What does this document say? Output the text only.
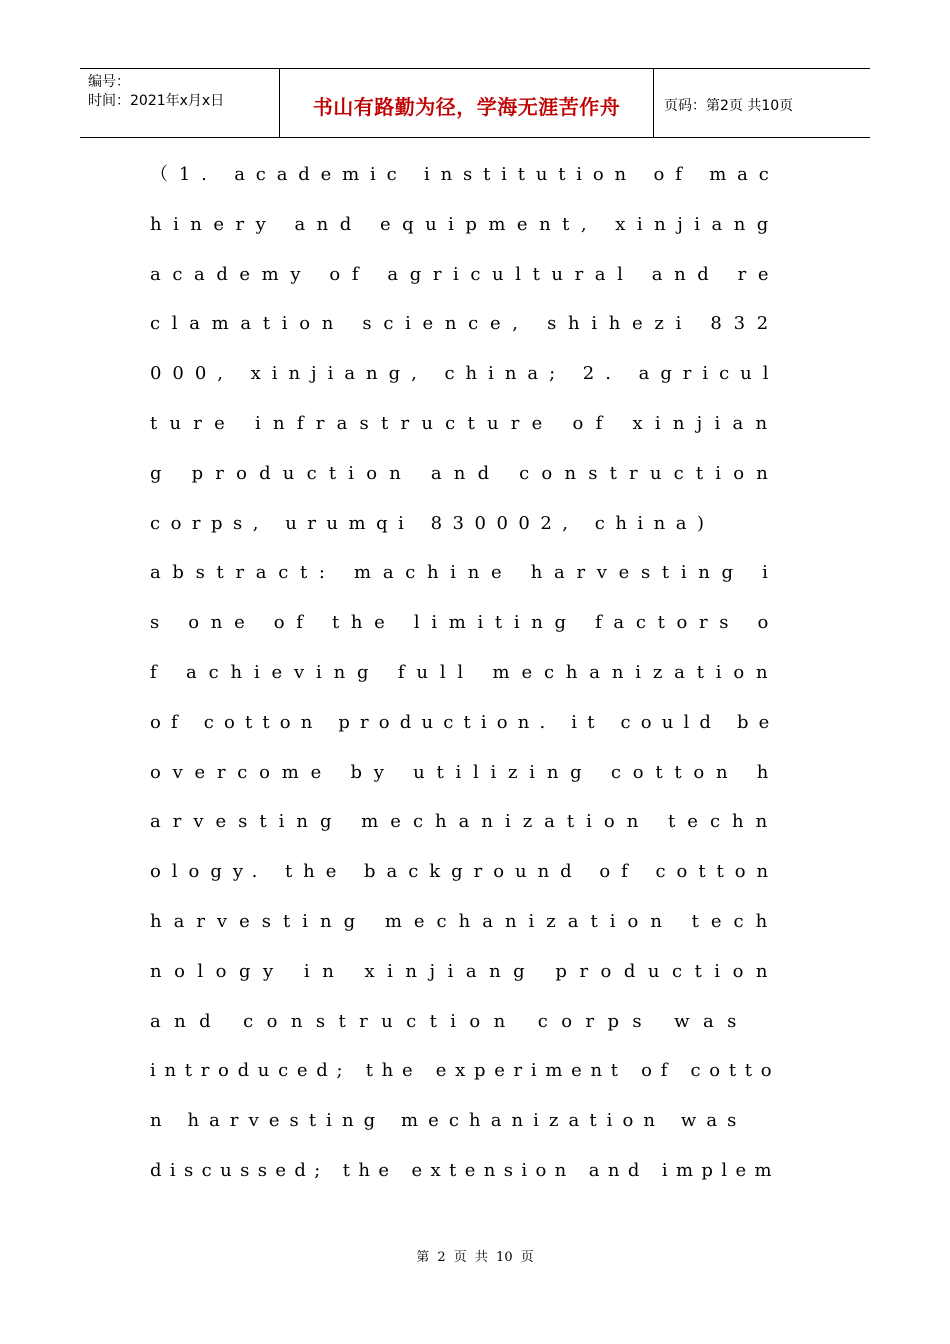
编号：
时间：2021年x月x日	书山有路勤为径，学海无涯苦作舟	页码：第2页 共10页
（1. academic institution of mac
hinery and equipment, xinjiang
academy of agricultural and re
clamation science, shihezi 832
000, xinjiang, china; 2. agricul
ture infrastructure of xinjian
g production and construction
corps, urumqi 830002, china)
abstract: machine harvesting i
s one of the limiting factors o
f achieving full mechanization
of cotton production. it could be
overcome by utilizing cotton h
arvesting mechanization techn
ology. the background of cotton
harvesting mechanization tech
nology in xinjiang production
and construction corps was
introduced; the experiment of cotto
n harvesting mechanization was
discussed; the extension and implem
第 2 页 共 10 页
